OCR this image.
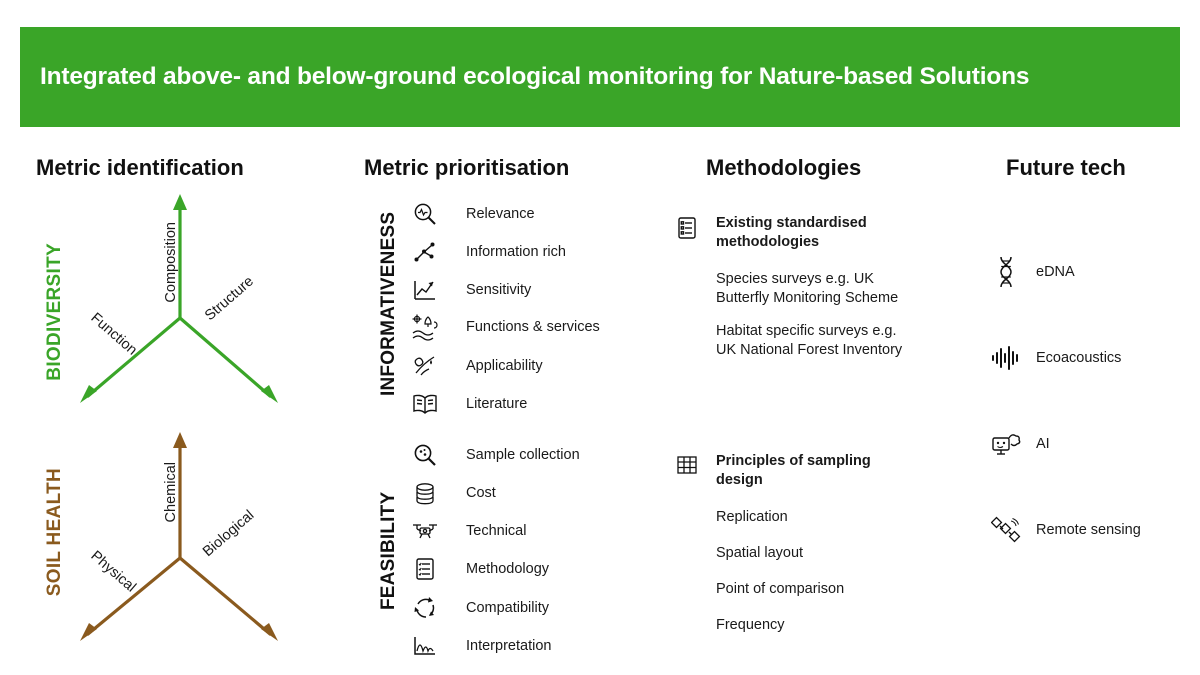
Integrated above- and below-ground ecological monitoring for Nature-based Solutions
Metric identification	Metric prioritisation	Methodologies	Future tech
BIODIVERSITY
SOIL HEALTH
Composition
Function
Structure
Chemical
Physical
Biological
INFORMATIVENESS
FEASIBILITY
Relevance
Information rich
Sensitivity
Functions & services
Applicability
Literature
Sample collection
Cost
Technical
Methodology
Compatibility
Interpretation
Existing standardised methodologies
Species surveys e.g. UK Butterfly Monitoring Scheme
Habitat specific surveys e.g. UK National Forest Inventory
Principles of sampling design
Replication
Spatial layout
Point of comparison
Frequency
eDNA
Ecoacoustics
AI
Remote sensing
